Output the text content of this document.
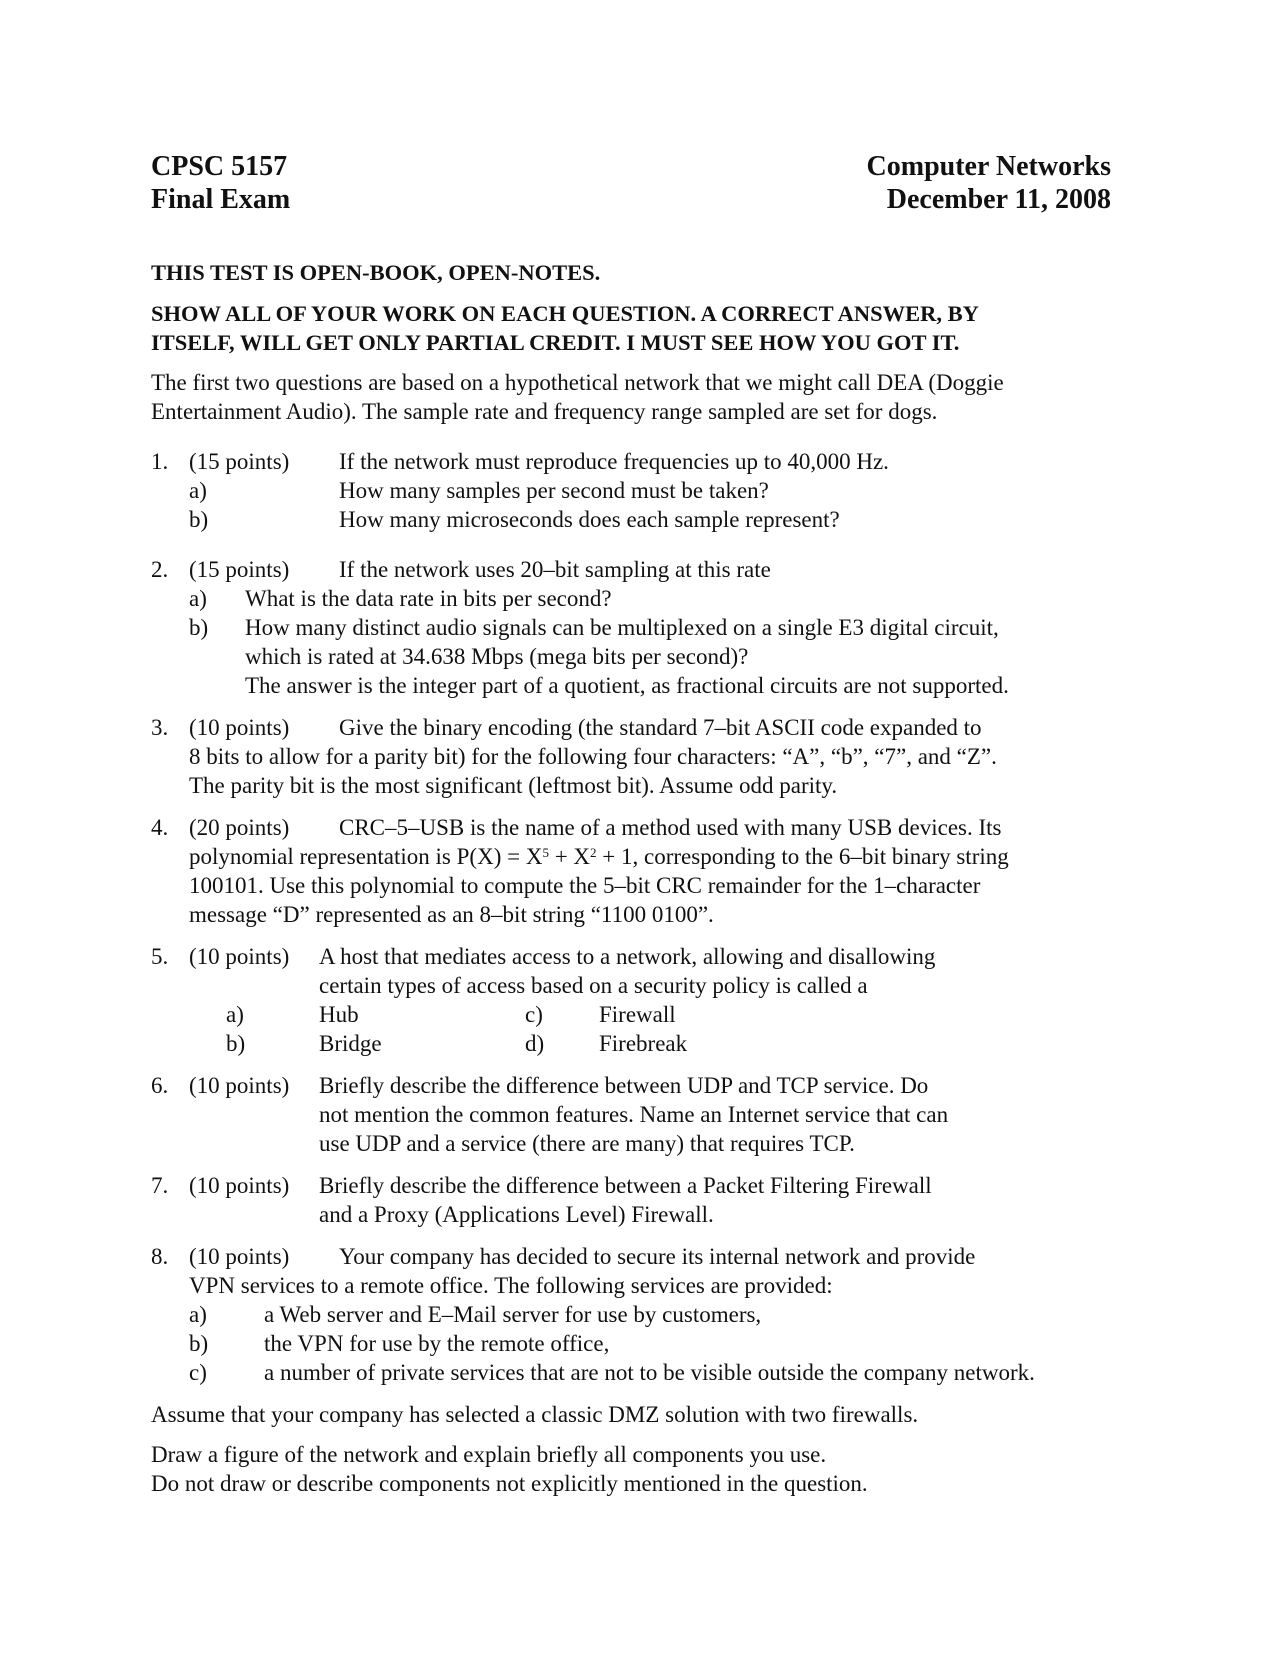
CPSC 5157
Final Exam
Computer Networks
December 11, 2008
THIS TEST IS OPEN-BOOK, OPEN-NOTES.
SHOW ALL OF YOUR WORK ON EACH QUESTION. A CORRECT ANSWER, BY
ITSELF, WILL GET ONLY PARTIAL CREDIT. I MUST SEE HOW YOU GOT IT.
The first two questions are based on a hypothetical network that we might call DEA (Doggie
Entertainment Audio). The sample rate and frequency range sampled are set for dogs.
1. (15 points)	If the network must reproduce frequencies up to 40,000 Hz.
a)	How many samples per second must be taken?
b)	How many microseconds does each sample represent?
2. (15 points)	If the network uses 20–bit sampling at this rate
a)	What is the data rate in bits per second?
b)	How many distinct audio signals can be multiplexed on a single E3 digital circuit,
which is rated at 34.638 Mbps (mega bits per second)?
The answer is the integer part of a quotient, as fractional circuits are not supported.
3. (10 points)	Give the binary encoding (the standard 7–bit ASCII code expanded to
8 bits to allow for a parity bit) for the following four characters: “A”, “b”, “7”, and “Z”.
The parity bit is the most significant (leftmost bit). Assume odd parity.
4. (20 points)	CRC–5–USB is the name of a method used with many USB devices. Its
polynomial representation is $P(X) = X^5 + X^2 + 1$, corresponding to the 6–bit binary string
100101. Use this polynomial to compute the 5–bit CRC remainder for the 1–character
message “D” represented as an 8–bit string “1100 0100”.
5. (10 points)	A host that mediates access to a network, allowing and disallowing
certain types of access based on a security policy is called a
a)	Hub	c)	Firewall
b)	Bridge	d)	Firebreak
6. (10 points)	Briefly describe the difference between UDP and TCP service. Do
not mention the common features. Name an Internet service that can
use UDP and a service (there are many) that requires TCP.
7. (10 points)	Briefly describe the difference between a Packet Filtering Firewall
and a Proxy (Applications Level) Firewall.
8. (10 points)	Your company has decided to secure its internal network and provide
VPN services to a remote office. The following services are provided:
a)	a Web server and E–Mail server for use by customers,
b)	the VPN for use by the remote office,
c)	a number of private services that are not to be visible outside the company network.
Assume that your company has selected a classic DMZ solution with two firewalls.
Draw a figure of the network and explain briefly all components you use.
Do not draw or describe components not explicitly mentioned in the question.
